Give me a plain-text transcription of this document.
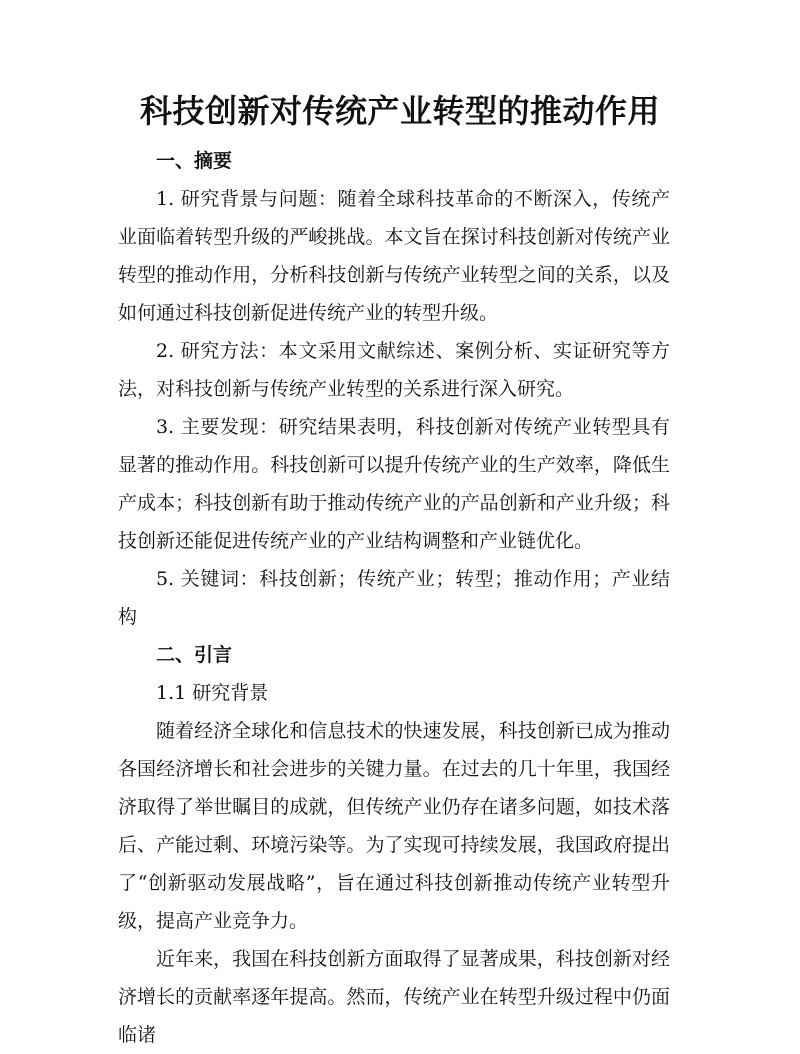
科技创新对传统产业转型的推动作用
一、摘要

1. 研究背景与问题：随着全球科技革命的不断深入，传统产业面临着转型升级的严峻挑战。本文旨在探讨科技创新对传统产业转型的推动作用，分析科技创新与传统产业转型之间的关系，以及如何通过科技创新促进传统产业的转型升级。

2. 研究方法：本文采用文献综述、案例分析、实证研究等方法，对科技创新与传统产业转型的关系进行深入研究。

3. 主要发现：研究结果表明，科技创新对传统产业转型具有显著的推动作用。科技创新可以提升传统产业的生产效率，降低生产成本；科技创新有助于推动传统产业的产品创新和产业升级；科技创新还能促进传统产业的产业结构调整和产业链优化。

5. 关键词：科技创新；传统产业；转型；推动作用；产业结构

二、引言

1.1 研究背景

随着经济全球化和信息技术的快速发展，科技创新已成为推动各国经济增长和社会进步的关键力量。在过去的几十年里，我国经济取得了举世瞩目的成就，但传统产业仍存在诸多问题，如技术落后、产能过剩、环境污染等。为了实现可持续发展，我国政府提出了“创新驱动发展战略”，旨在通过科技创新推动传统产业转型升级，提高产业竞争力。

近年来，我国在科技创新方面取得了显著成果，科技创新对经济增长的贡献率逐年提高。然而，传统产业在转型升级过程中仍面临诸
